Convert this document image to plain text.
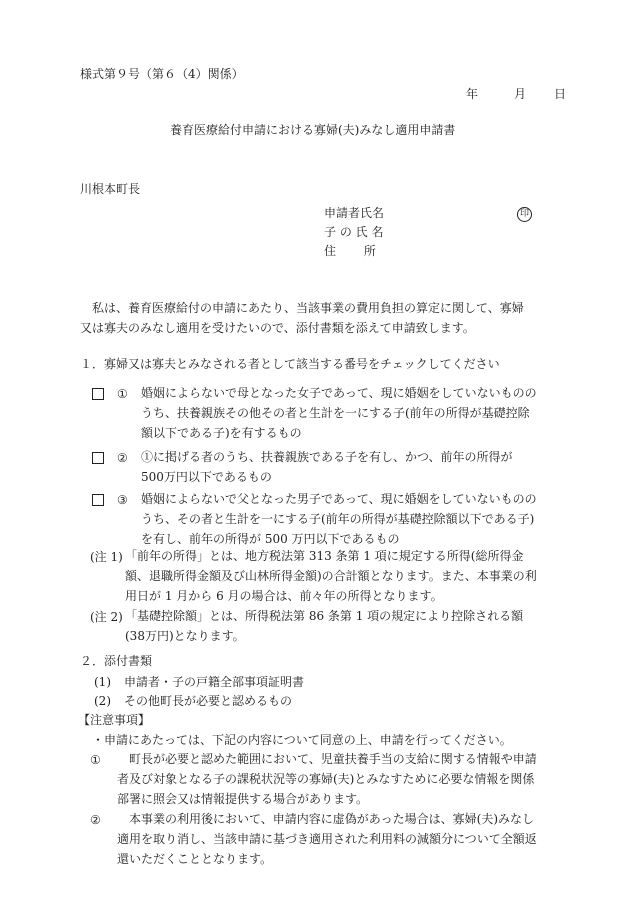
様式第９号（第６（4）関係）
年	月 日
養育医療給付申請における寡婦(夫)みなし適用申請書
川根本町長
申請者氏名	印
子 の 氏 名
住　　 所
私は、養育医療給付の申請にあたり、当該事業の費用負担の算定に関して、寡婦又は寡夫のみなし適用を受けたいので、添付書類を添えて申請致します。
１．寡婦又は寡夫とみなされる者として該当する番号をチェックしてください
① 婚姻によらないで母となった女子であって、現に婚姻をしていないもののうち、扶養親族その他その者と生計を一にする子(前年の所得が基礎控除額以下である子)を有するもの
② ①に掲げる者のうち、扶養親族である子を有し、かつ、前年の所得が 500万円以下であるもの
③ 婚姻によらないで父となった男子であって、現に婚姻をしていないもののうち、その者と生計を一にする子(前年の所得が基礎控除額以下である子)を有し、前年の所得が 500 万円以下であるもの
(注 1) 「前年の所得」とは、地方税法第 313 条第 1 項に規定する所得(総所得金額、退職所得金額及び山林所得金額)の合計額となります。また、本事業の利用日が 1 月から 6 月の場合は、前々年の所得となります。
(注 2) 「基礎控除額」とは、所得税法第 86 条第 1 項の規定により控除される額(38万円)となります。
２．添付書類
(1) 申請者・子の戸籍全部事項証明書
(2) その他町長が必要と認めるもの
【注意事項】
・申請にあたっては、下記の内容について同意の上、申請を行ってください。
①	町長が必要と認めた範囲において、児童扶養手当の支給に関する情報や申請者及び対象となる子の課税状況等の寡婦(夫)とみなすために必要な情報を関係部署に照会又は情報提供する場合があります。
②	本事業の利用後において、申請内容に虚偽があった場合は、寡婦(夫)みなし適用を取り消し、当該申請に基づき適用された利用料の減額分について全額返還いただくこととなります。
